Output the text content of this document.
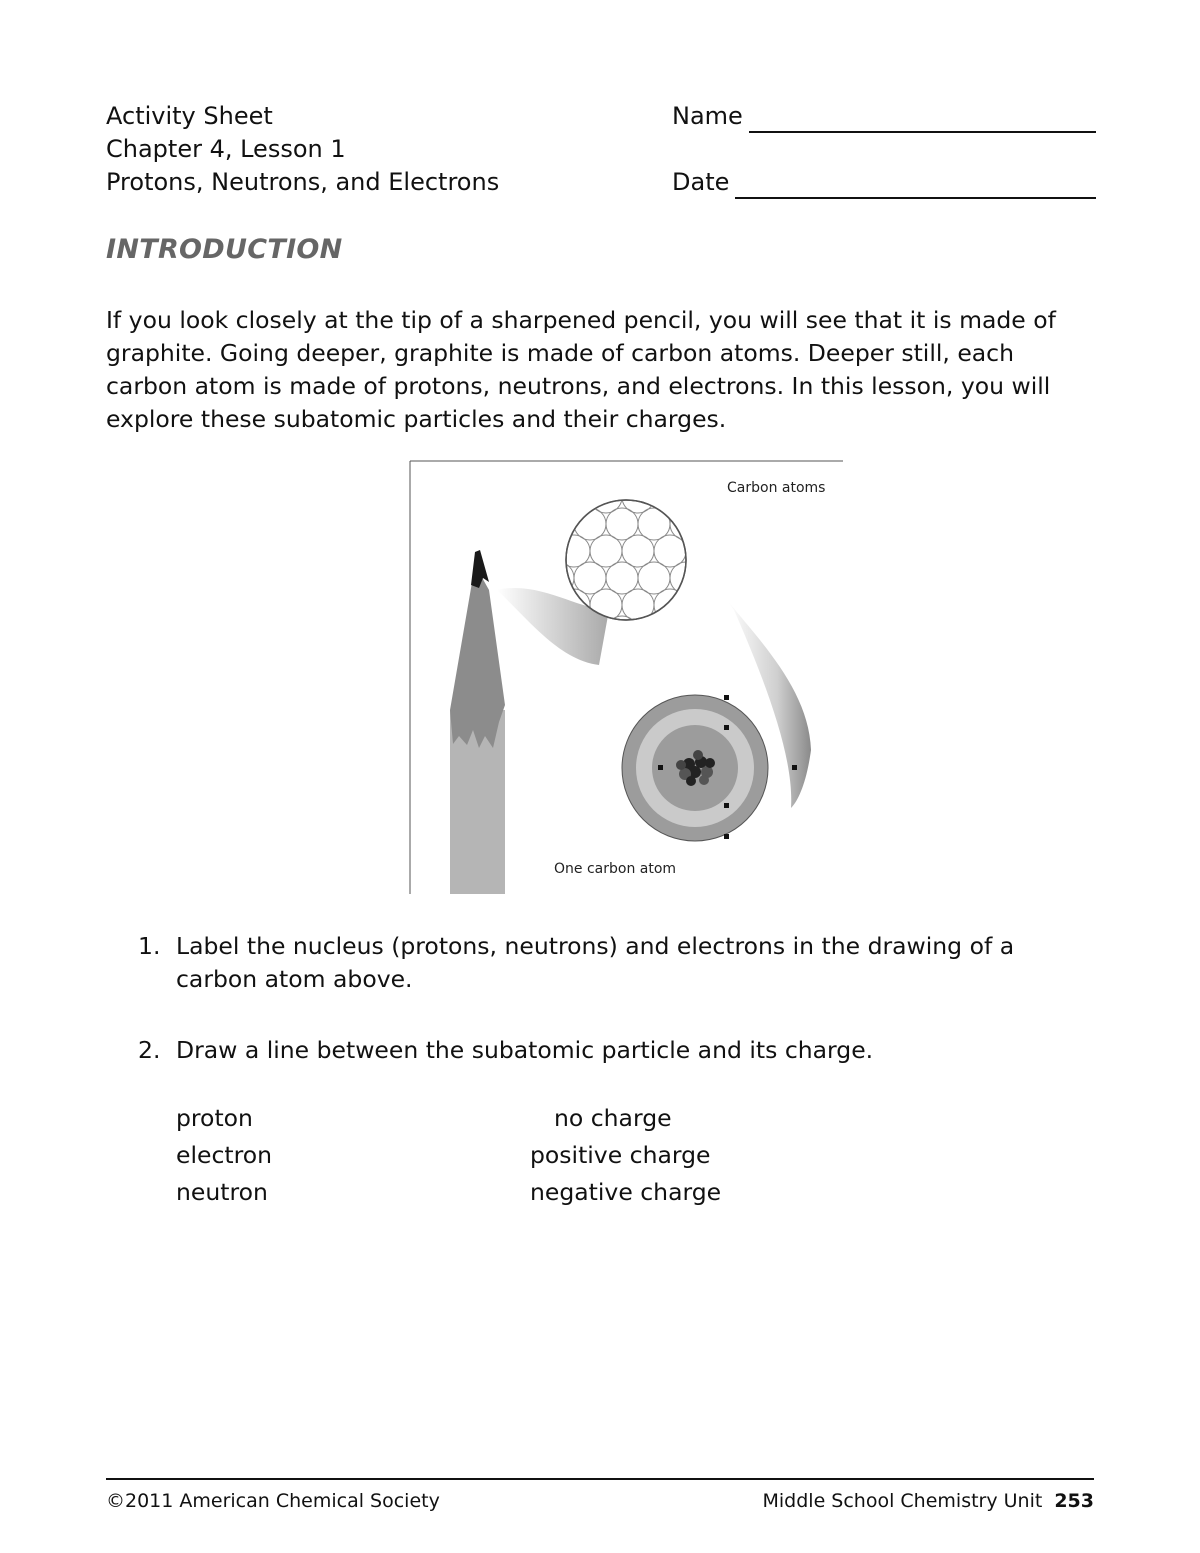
Activity Sheet
Chapter 4, Lesson 1
Protons, Neutrons, and Electrons
Name
Date
INTRODUCTION
If you look closely at the tip of a sharpened pencil, you will see that it is made of graphite. Going deeper, graphite is made of carbon atoms. Deeper still, each carbon atom is made of protons, neutrons, and electrons. In this lesson, you will explore these subatomic particles and their charges.
Carbon atoms
One carbon atom
1. Label the nucleus (protons, neutrons) and electrons in the drawing of a carbon atom above.
2. Draw a line between the subatomic particle and its charge.
proton
electron
neutron
no charge
positive charge
negative charge
©2011 American Chemical Society	Middle School Chemistry Unit 253
